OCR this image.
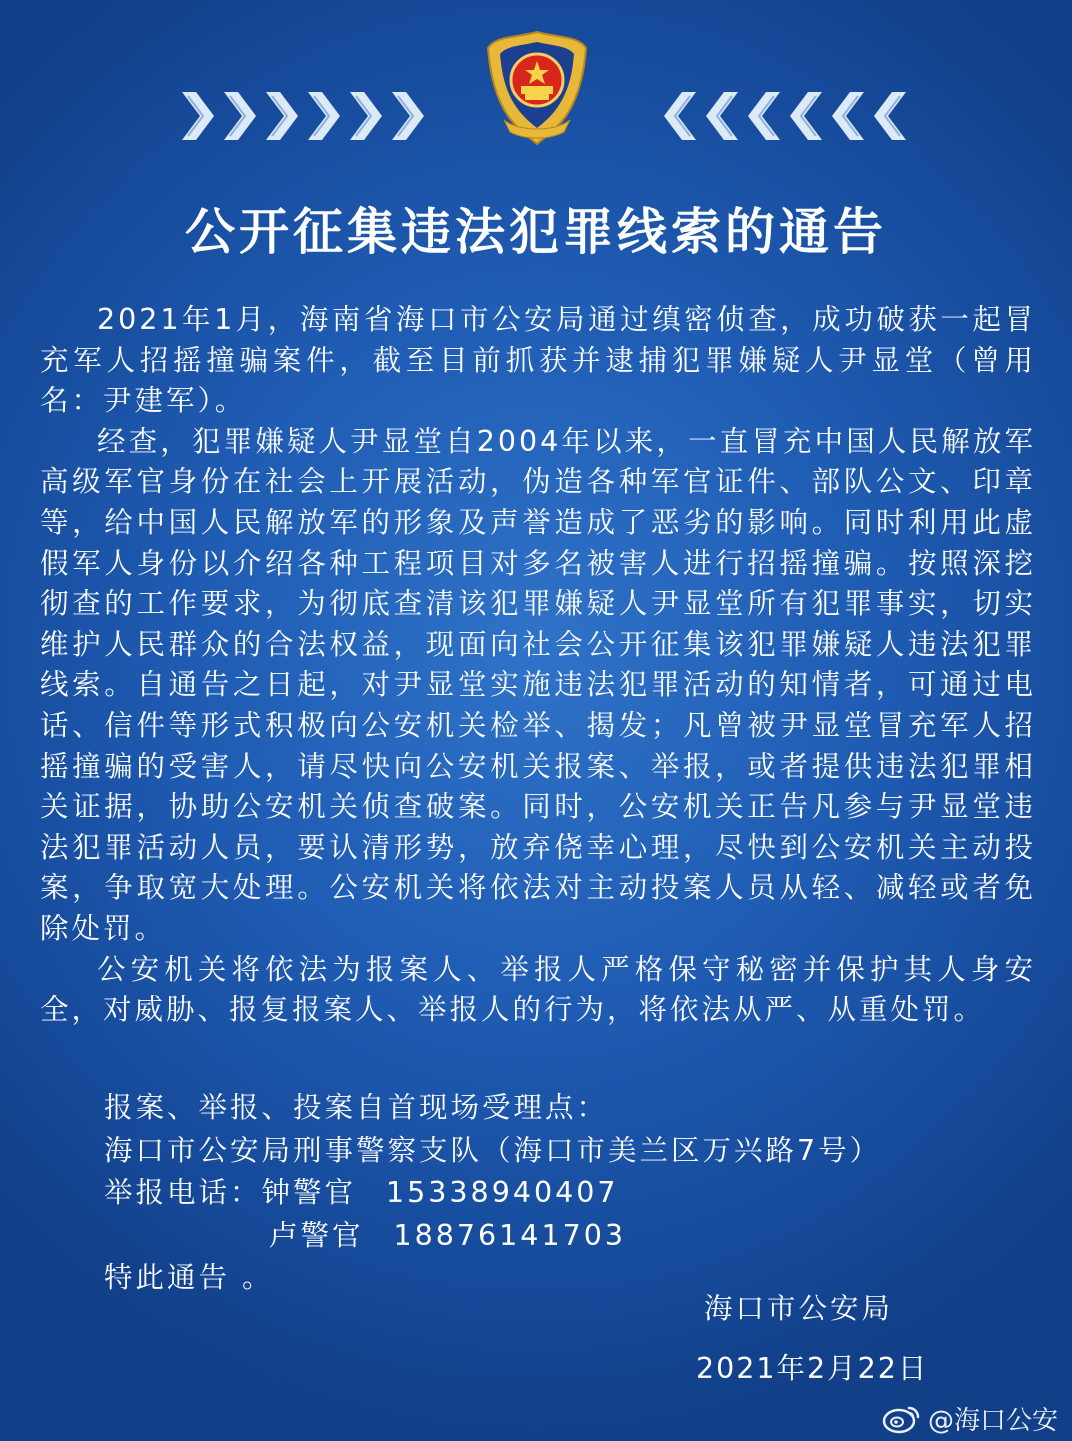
公开征集违法犯罪线索的通告

2021年1月，海南省海口市公安局通过缜密侦查，成功破获一起冒充军人招摇撞骗案件，截至目前抓获并逮捕犯罪嫌疑人尹显堂（曾用名：尹建军）。

经查，犯罪嫌疑人尹显堂自2004年以来，一直冒充中国人民解放军高级军官身份在社会上开展活动，伪造各种军官证件、部队公文、印章等，给中国人民解放军的形象及声誉造成了恶劣的影响。同时利用此虚假军人身份以介绍各种工程项目对多名被害人进行招摇撞骗。按照深挖彻查的工作要求，为彻底查清该犯罪嫌疑人尹显堂所有犯罪事实，切实维护人民群众的合法权益，现面向社会公开征集该犯罪嫌疑人违法犯罪线索。自通告之日起，对尹显堂实施违法犯罪活动的知情者，可通过电话、信件等形式积极向公安机关检举、揭发；凡曾被尹显堂冒充军人招摇撞骗的受害人，请尽快向公安机关报案、举报，或者提供违法犯罪相关证据，协助公安机关侦查破案。同时，公安机关正告凡参与尹显堂违法犯罪活动人员，要认清形势，放弃侥幸心理，尽快到公安机关主动投案，争取宽大处理。公安机关将依法对主动投案人员从轻、减轻或者免除处罚。

公安机关将依法为报案人、举报人严格保守秘密并保护其人身安全，对威胁、报复报案人、举报人的行为，将依法从严、从重处罚。

报案、举报、投案自首现场受理点：
海口市公安局刑事警察支队（海口市美兰区万兴路7号）
举报电话：钟警官 15338940407
卢警官 18876141703
特此通告 。
海口市公安局
2021年2月22日
@海口公安
